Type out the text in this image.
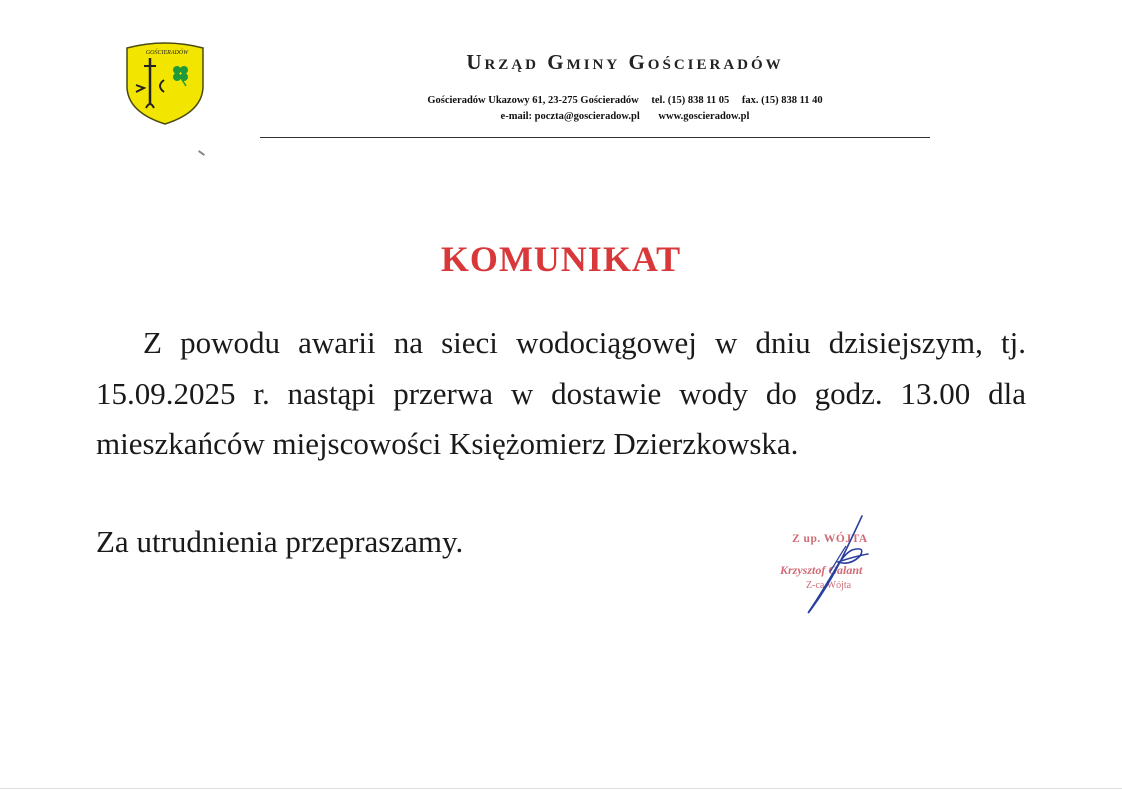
GOŚCIERADÓW	Urząd Gminy Gościeradów
Gościeradów Ukazowy 61, 23-275 Gościeradów tel. (15) 838 11 05 fax. (15) 838 11 40
e-mail: poczta@goscieradow.pl www.goscieradow.pl
KOMUNIKAT

Z powodu awarii na sieci wodociągowej w dniu dzisiejszym, tj. 15.09.2025 r. nastąpi przerwa w dostawie wody do godz. 13.00 dla mieszkańców miejscowości Księżomierz Dzierzkowska.

Za utrudnienia przepraszamy.	Z up. WÓJTA
Krzysztof Galant
Z-ca Wójta
